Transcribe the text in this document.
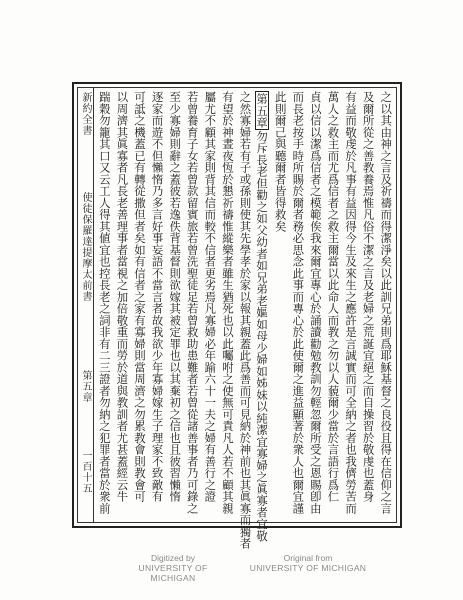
新約全書
使徒保羅達提摩太前書
第五章
一百十五	之以其由神之言及祈禱而得潔淨矣以此訓兄弟則爲耶穌基督之良役且得在信仰之言
及爾所從之善教養焉惟凡俗不潔之言及老婦之荒誕宜絕之而自操習於敬虔也蓋身
有益而敬虔於凡事有益因得今生及來生之應許是言誠實而可全納之者也我儕勞苦而
萬人之救主而尤爲信者之救主爾當以此命人而教之勿以人藐爾少當於言語行爲仁
貞以信以潔爲信者之模範俟我來爾宜專心於誦讀勸勉教訓勿輕忽爾所受之恩賜卽由
而長老按手時所賜於爾者務必思念此事而專心於此使爾之進益顯著於衆人也爾宜謹
此則爾己與聽爾者皆得救矣
第五章勿斥長老但勸之如父幼者如兄弟老嫗如母少婦如姊妹以純潔宜寡婦之眞寡者宜敬
之然寡婦若有子或孫則使其先學孝於家以報其親蓋此爲善而可見納於神前也其眞寡而獨者
有望於神晝夜恆於懇祈禱惟縱樂者雖生猶死也以此囑咐之使無可責凡人若不顧其親
屬尤不顧其家則背其信而較不信者更劣焉凡寡婦必年踰六十一夫之婦有善行之證
若曾養育子女若曾款留賓旅若曾洗聖徒足若曾救助患難者若曾從諸善事者乃可錄之
至少寡婦則辭之蓋彼若逸佚背基督則欲嫁其被定罪也以其棄初之信也且彼習懶惰
逐家而遊不但懶惰乃多言好事妄語不當言者故我欲少年寡婦嫁生子理家不致敵有
可詆之機蓋已有轉從撒但者矣如有信者之家有寡婦則當周濟之勿累教會則教會可
以周濟其眞寡者凡長老善理事者當視之加倍敬重而勞於道與教訓者尤甚蓋經云牛
踹穀勿籠其口又云工人得其値宜也控長老之詞非有二三證者勿納之犯罪者當於衆前
Digitized by
UNIVERSITY OF MICHIGAN
Original from
UNIVERSITY OF MICHIGAN
